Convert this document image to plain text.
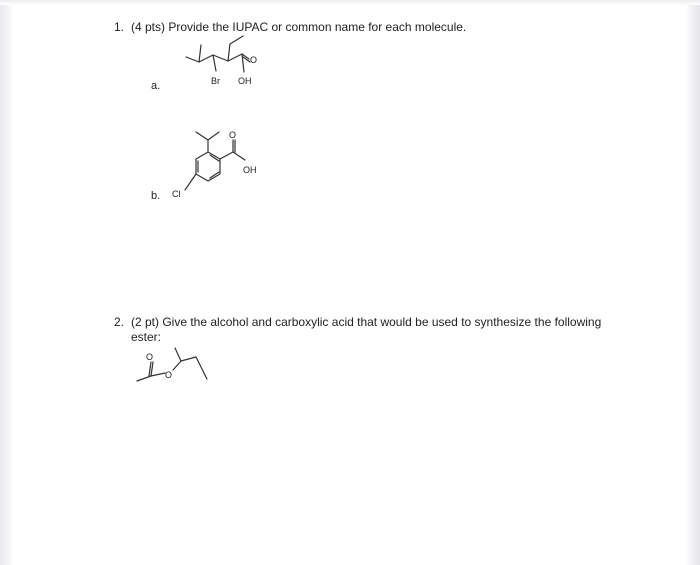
1. (4 pts) Provide the IUPAC or common name for each molecule.
a.	Br OH
O
b.
O
OH
Cl
2. (2 pt) Give the alcohol and carboxylic acid that would be used to synthesize the following
ester:
O
O
